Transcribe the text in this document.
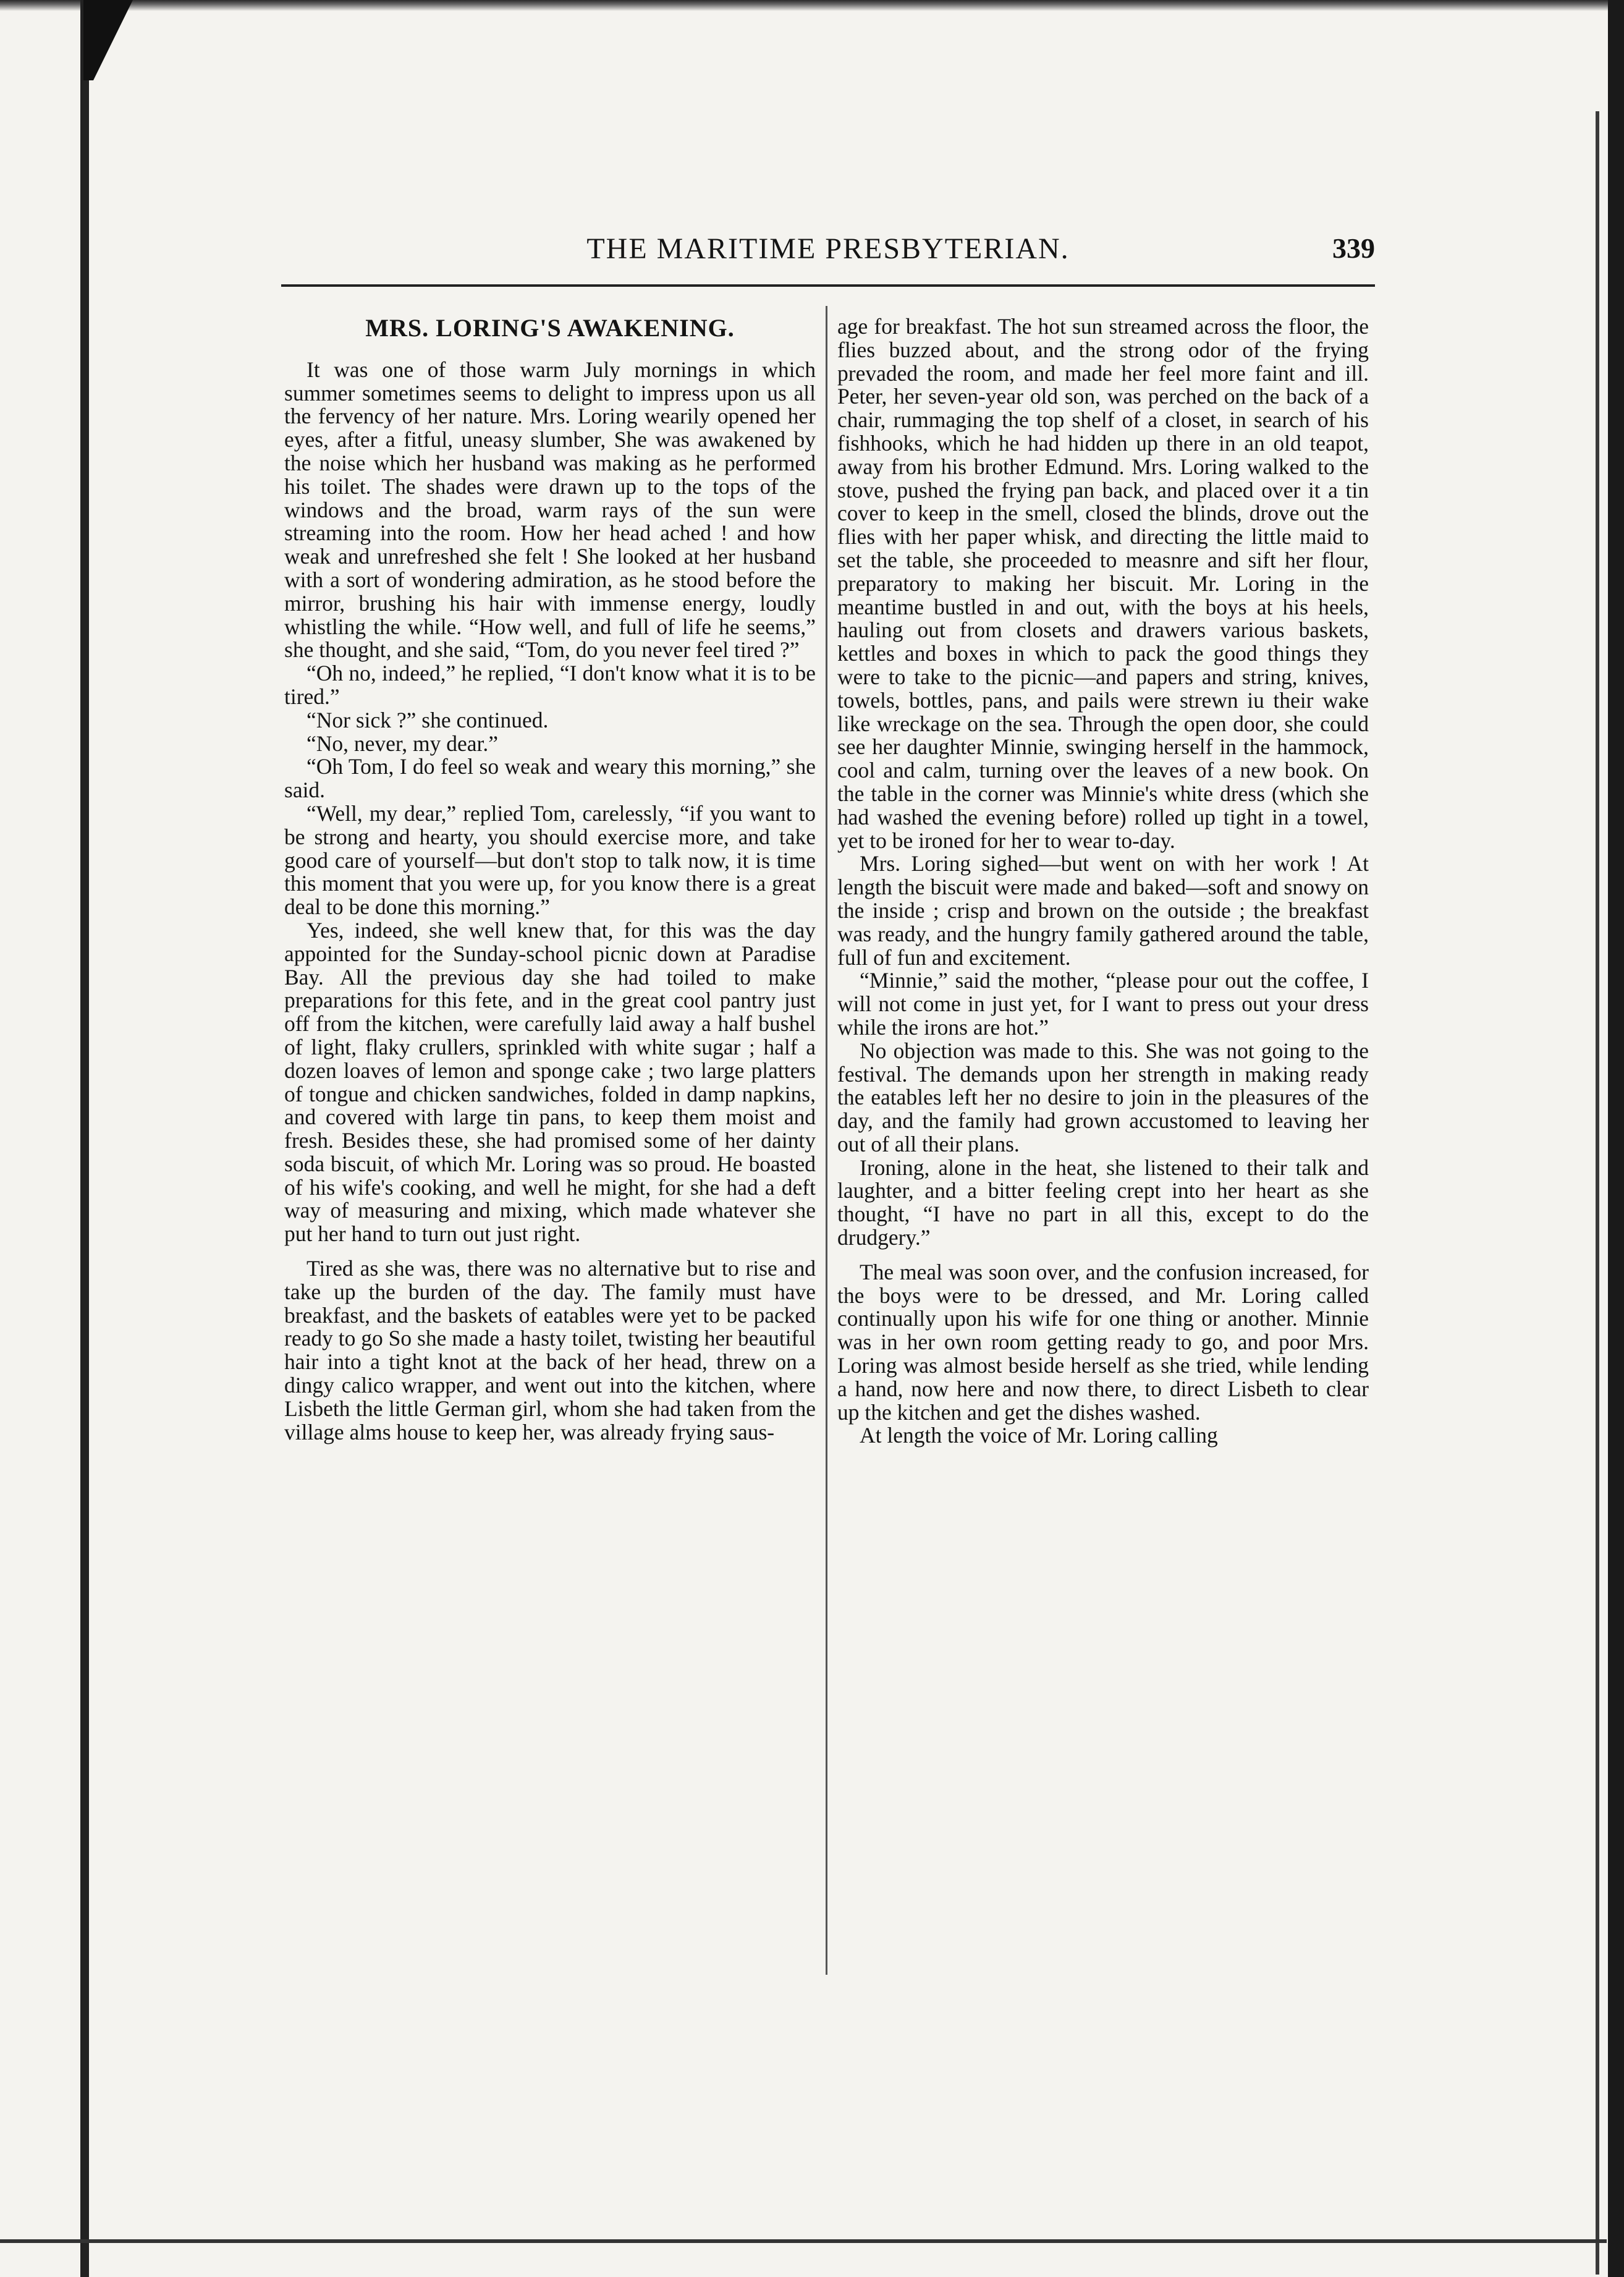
THE MARITIME PRESBYTERIAN.	339
MRS. LORING'S AWAKENING.

It was one of those warm July mornings in which summer sometimes seems to delight to impress upon us all the fervency of her nature. Mrs. Loring wearily opened her eyes, after a fitful, uneasy slumber, She was awakened by the noise which her husband was making as he performed his toilet. The shades were drawn up to the tops of the windows and the broad, warm rays of the sun were streaming into the room. How her head ached ! and how weak and unrefreshed she felt ! She looked at her husband with a sort of wondering admiration, as he stood before the mirror, brushing his hair with immense energy, loudly whistling the while. “How well, and full of life he seems,” she thought, and she said, “Tom, do you never feel tired ?”

“Oh no, indeed,” he replied, “I don't know what it is to be tired.”

“Nor sick ?” she continued.

“No, never, my dear.”

“Oh Tom, I do feel so weak and weary this morning,” she said.

“Well, my dear,” replied Tom, carelessly, “if you want to be strong and hearty, you should exercise more, and take good care of yourself—but don't stop to talk now, it is time this moment that you were up, for you know there is a great deal to be done this morning.”

Yes, indeed, she well knew that, for this was the day appointed for the Sunday-school picnic down at Paradise Bay. All the previous day she had toiled to make preparations for this fete, and in the great cool pantry just off from the kitchen, were carefully laid away a half bushel of light, flaky crullers, sprinkled with white sugar ; half a dozen loaves of lemon and sponge cake ; two large platters of tongue and chicken sandwiches, folded in damp napkins, and covered with large tin pans, to keep them moist and fresh. Besides these, she had promised some of her dainty soda biscuit, of which Mr. Loring was so proud. He boasted of his wife's cooking, and well he might, for she had a deft way of measuring and mixing, which made whatever she put her hand to turn out just right.

Tired as she was, there was no alternative but to rise and take up the burden of the day. The family must have breakfast, and the baskets of eatables were yet to be packed ready to go So she made a hasty toilet, twisting her beautiful hair into a tight knot at the back of her head, threw on a dingy calico wrapper, and went out into the kitchen, where Lisbeth the little German girl, whom she had taken from the village alms house to keep her, was already frying saus-

age for breakfast. The hot sun streamed across the floor, the flies buzzed about, and the strong odor of the frying prevaded the room, and made her feel more faint and ill. Peter, her seven-year old son, was perched on the back of a chair, rummaging the top shelf of a closet, in search of his fishhooks, which he had hidden up there in an old teapot, away from his brother Edmund. Mrs. Loring walked to the stove, pushed the frying pan back, and placed over it a tin cover to keep in the smell, closed the blinds, drove out the flies with her paper whisk, and directing the little maid to set the table, she proceeded to measnre and sift her flour, preparatory to making her biscuit. Mr. Loring in the meantime bustled in and out, with the boys at his heels, hauling out from closets and drawers various baskets, kettles and boxes in which to pack the good things they were to take to the picnic—and papers and string, knives, towels, bottles, pans, and pails were strewn iu their wake like wreckage on the sea. Through the open door, she could see her daughter Minnie, swinging herself in the hammock, cool and calm, turning over the leaves of a new book. On the table in the corner was Minnie's white dress (which she had washed the evening before) rolled up tight in a towel, yet to be ironed for her to wear to-day.

Mrs. Loring sighed—but went on with her work ! At length the biscuit were made and baked—soft and snowy on the inside ; crisp and brown on the outside ; the breakfast was ready, and the hungry family gathered around the table, full of fun and excitement.

“Minnie,” said the mother, “please pour out the coffee, I will not come in just yet, for I want to press out your dress while the irons are hot.”

No objection was made to this. She was not going to the festival. The demands upon her strength in making ready the eatables left her no desire to join in the pleasures of the day, and the family had grown accustomed to leaving her out of all their plans.

Ironing, alone in the heat, she listened to their talk and laughter, and a bitter feeling crept into her heart as she thought, “I have no part in all this, except to do the drudgery.”

The meal was soon over, and the confusion increased, for the boys were to be dressed, and Mr. Loring called continually upon his wife for one thing or another. Minnie was in her own room getting ready to go, and poor Mrs. Loring was almost beside herself as she tried, while lending a hand, now here and now there, to direct Lisbeth to clear up the kitchen and get the dishes washed.

At length the voice of Mr. Loring calling
